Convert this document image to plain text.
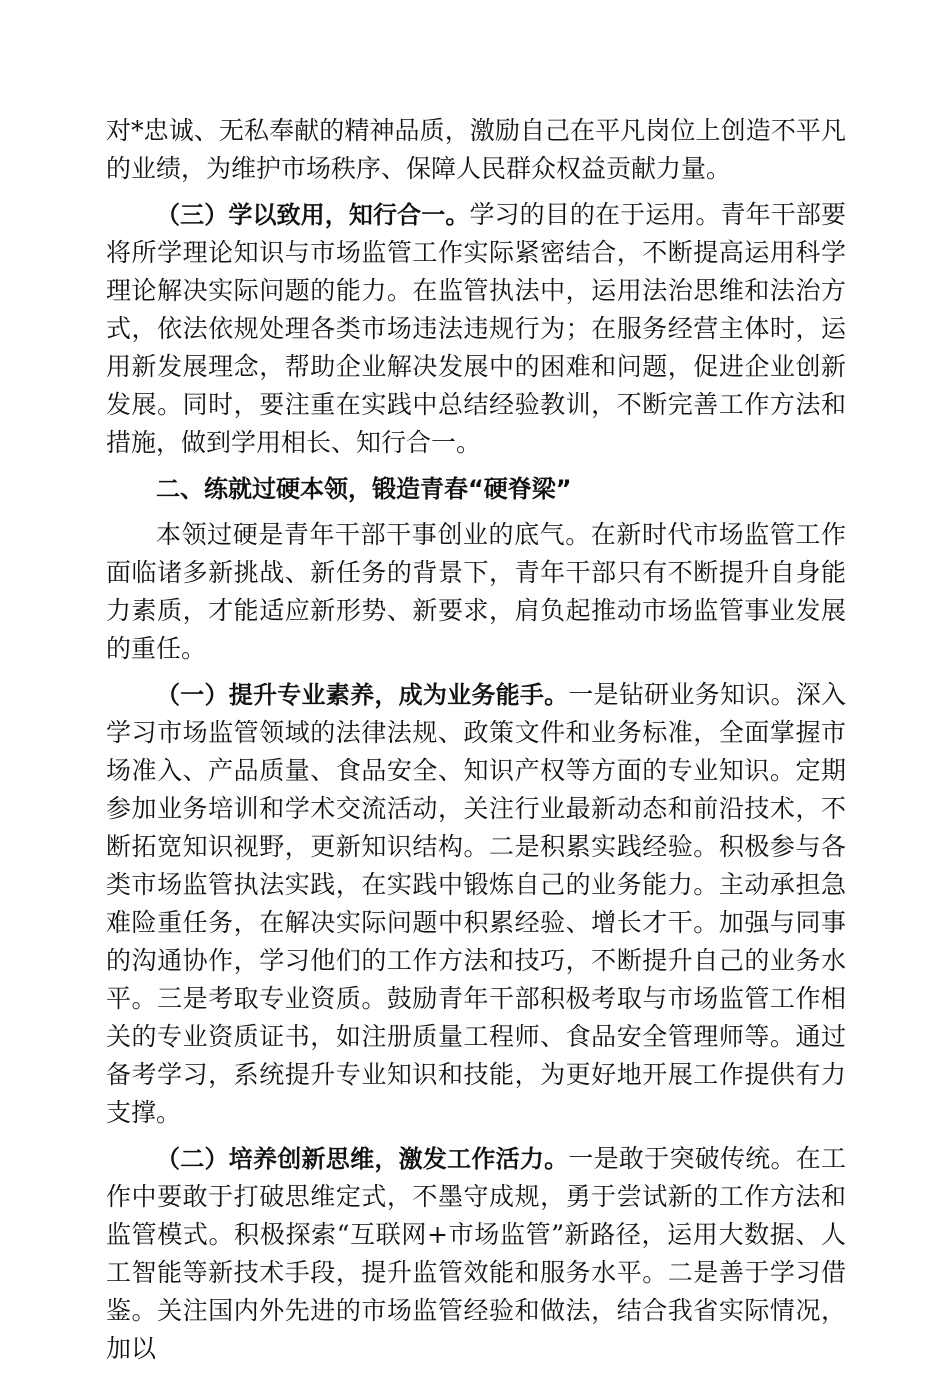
对*忠诚、无私奉献的精神品质，激励自己在平凡岗位上创造不平凡的业绩，为维护市场秩序、保障人民群众权益贡献力量。

（三）学以致用，知行合一。学习的目的在于运用。青年干部要将所学理论知识与市场监管工作实际紧密结合，不断提高运用科学理论解决实际问题的能力。在监管执法中，运用法治思维和法治方式，依法依规处理各类市场违法违规行为；在服务经营主体时，运用新发展理念，帮助企业解决发展中的困难和问题，促进企业创新发展。同时，要注重在实践中总结经验教训，不断完善工作方法和措施，做到学用相长、知行合一。

二、练就过硬本领，锻造青春“硬脊梁”

本领过硬是青年干部干事创业的底气。在新时代市场监管工作面临诸多新挑战、新任务的背景下，青年干部只有不断提升自身能力素质，才能适应新形势、新要求，肩负起推动市场监管事业发展的重任。

（一）提升专业素养，成为业务能手。一是钻研业务知识。深入学习市场监管领域的法律法规、政策文件和业务标准，全面掌握市场准入、产品质量、食品安全、知识产权等方面的专业知识。定期参加业务培训和学术交流活动，关注行业最新动态和前沿技术，不断拓宽知识视野，更新知识结构。二是积累实践经验。积极参与各类市场监管执法实践，在实践中锻炼自己的业务能力。主动承担急难险重任务，在解决实际问题中积累经验、增长才干。加强与同事的沟通协作，学习他们的工作方法和技巧，不断提升自己的业务水平。三是考取专业资质。鼓励青年干部积极考取与市场监管工作相关的专业资质证书，如注册质量工程师、食品安全管理师等。通过备考学习，系统提升专业知识和技能，为更好地开展工作提供有力支撑。

（二）培养创新思维，激发工作活力。一是敢于突破传统。在工作中要敢于打破思维定式，不墨守成规，勇于尝试新的工作方法和监管模式。积极探索“互联网+市场监管”新路径，运用大数据、人工智能等新技术手段，提升监管效能和服务水平。二是善于学习借鉴。关注国内外先进的市场监管经验和做法，结合我省实际情况，加以
